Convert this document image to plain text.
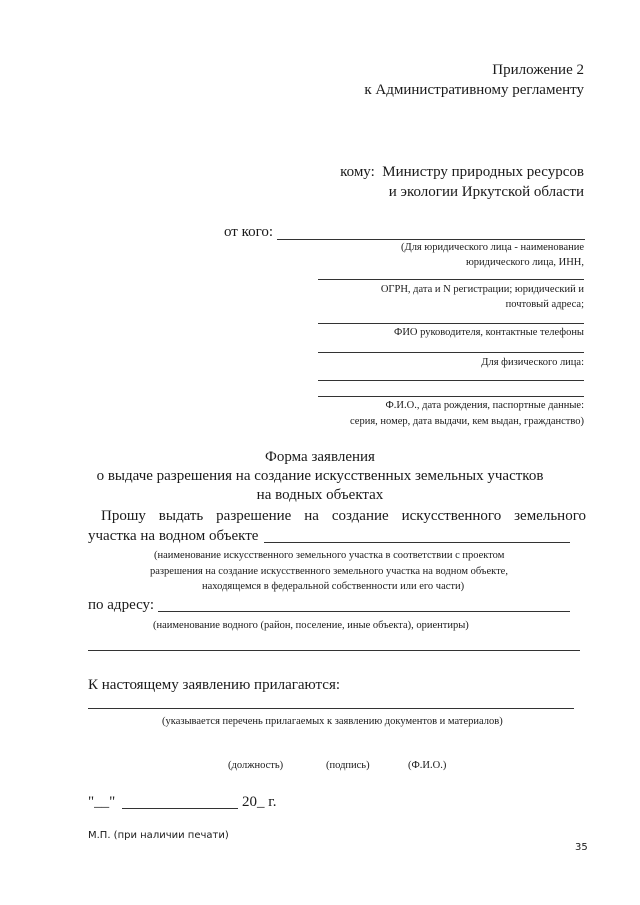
Приложение 2
к Административному регламенту
кому: Министру природных ресурсов
и экологии Иркутской области
от кого:
(Для юридического лица - наименование
юридического лица, ИНН,
ОГРН, дата и N регистрации; юридический и
почтовый адреса;
ФИО руководителя, контактные телефоны
Для физического лица:
Ф.И.О., дата рождения, паспортные данные:
серия, номер, дата выдачи, кем выдан, гражданство)
Форма заявления
о выдаче разрешения на создание искусственных земельных участков
на водных объектах
Прошу выдать разрешение на создание искусственного земельного
участка на водном объекте
(наименование искусственного земельного участка в соответствии с проектом
разрешения на создание искусственного земельного участка на водном объекте,
находящемся в федеральной собственности или его части)
по адресу:
(наименование водного (район, поселение, иные объекта), ориентиры)
К настоящему заявлению прилагаются:
(указывается перечень прилагаемых к заявлению документов и материалов)
(должность)	(подпись)	(Ф.И.О.)
"__"	20_ г.
М.П. (при наличии печати)
35
